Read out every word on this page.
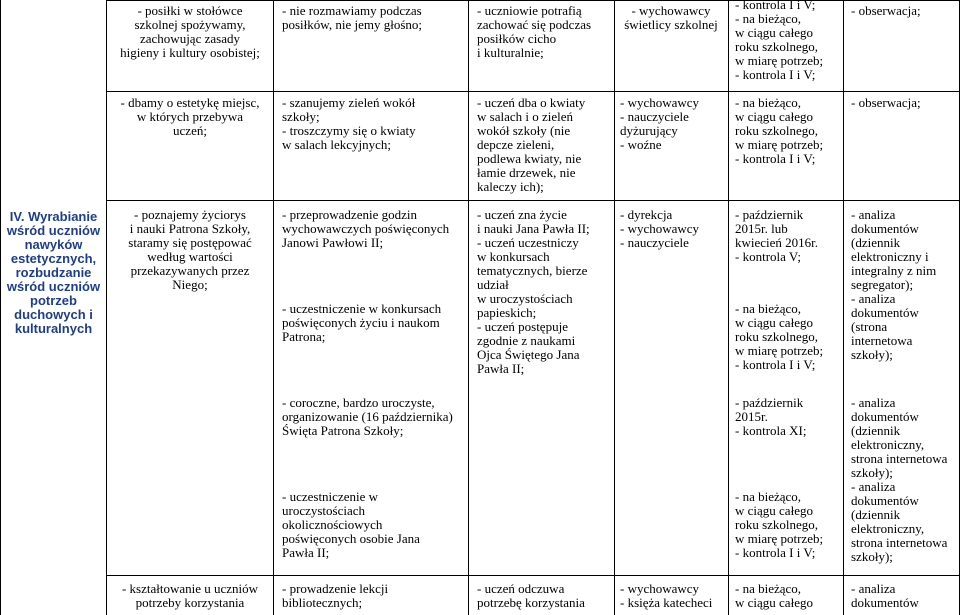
IV. Wyrabianie
wśród uczniów
nawyków
estetycznych,
rozbudzanie
wśród uczniów
potrzeb
duchowych i
kulturalnych
- posiłki w stołówce
szkolnej spożywamy,
zachowując zasady
higieny i kultury osobistej;
- nie rozmawiamy podczas
posiłków, nie jemy głośno;
- uczniowie potrafią
zachować się podczas
posiłków cicho
i kulturalnie;
- wychowawcy
świetlicy szkolnej
- kontrola I i V;
- na bieżąco,
w ciągu całego
roku szkolnego,
w miarę potrzeb;
- kontrola I i V;
- obserwacja;
- dbamy o estetykę miejsc,
w których przebywa
uczeń;
- szanujemy zieleń wokół
szkoły;
- troszczymy się o kwiaty
w salach lekcyjnych;
- uczeń dba o kwiaty
w salach i o zieleń
wokół szkoły (nie
depcze zieleni,
podlewa kwiaty, nie
łamie drzewek, nie
kaleczy ich);
- wychowawcy
- nauczyciele
dyżurujący
- woźne
- na bieżąco,
w ciągu całego
roku szkolnego,
w miarę potrzeb;
- kontrola I i V;
- obserwacja;
- poznajemy życiorys
i nauki Patrona Szkoły,
staramy się postępować
według wartości
przekazywanych przez
Niego;
- przeprowadzenie godzin
wychowawczych poświęconych
Janowi Pawłowi II;
- uczestniczenie w konkursach
poświęconych życiu i naukom
Patrona;
- coroczne, bardzo uroczyste,
organizowanie (16 października)
Święta Patrona Szkoły;
- uczestniczenie w
uroczystościach
okolicznościowych
poświęconych osobie Jana
Pawła II;
- uczeń zna życie
i nauki Jana Pawła II;
- uczeń uczestniczy
w konkursach
tematycznych, bierze
udział
w uroczystościach
papieskich;
- uczeń postępuje
zgodnie z naukami
Ojca Świętego Jana
Pawła II;
- dyrekcja
- wychowawcy
- nauczyciele
- październik
2015r. lub
kwiecień 2016r.
- kontrola V;
- na bieżąco,
w ciągu całego
roku szkolnego,
w miarę potrzeb;
- kontrola I i V;
- październik
2015r.
- kontrola XI;
- na bieżąco,
w ciągu całego
roku szkolnego,
w miarę potrzeb;
- kontrola I i V;
- analiza
dokumentów
(dziennik
elektroniczny i
integralny z nim
segregator);
- analiza
dokumentów
(strona
internetowa
szkoły);
- analiza
dokumentów
(dziennik
elektroniczny,
strona internetowa
szkoły);
- analiza
dokumentów
(dziennik
elektroniczny,
strona internetowa
szkoły);
- kształtowanie u uczniów
potrzeby korzystania
- prowadzenie lekcji
bibliotecznych;
- uczeń odczuwa
potrzebę korzystania
- wychowawcy
- księża katecheci
- na bieżąco,
w ciągu całego
- analiza
dokumentów
